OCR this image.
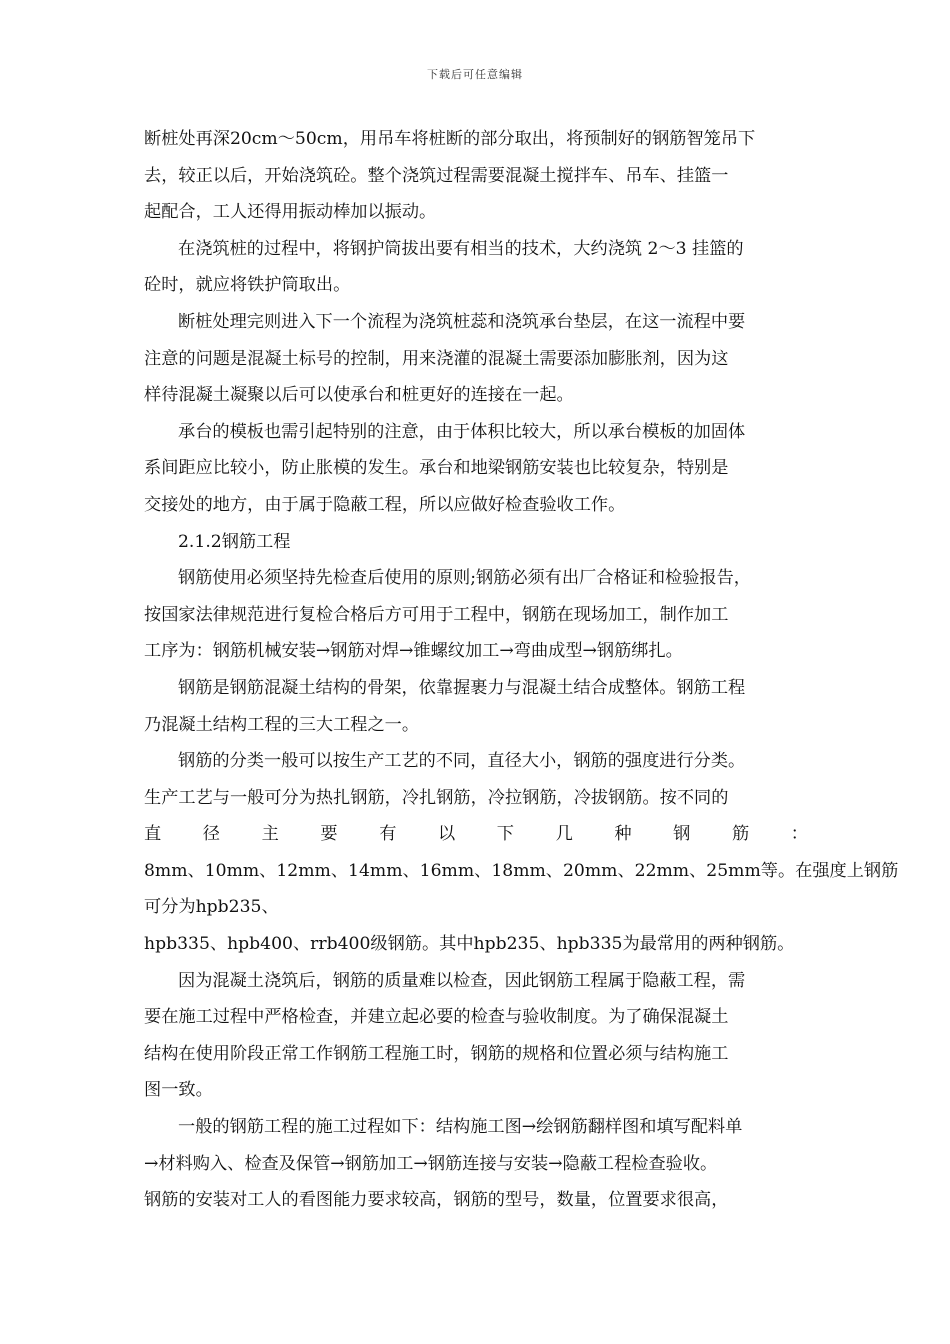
下载后可任意编辑
断桩处再深20cm～50cm，用吊车将桩断的部分取出，将预制好的钢筋智笼吊下
去，较正以后，开始浇筑砼。整个浇筑过程需要混凝土搅拌车、吊车、挂篮一
起配合，工人还得用振动棒加以振动。
在浇筑桩的过程中，将钢护筒拔出要有相当的技术，大约浇筑 2～3 挂篮的
砼时，就应将铁护筒取出。
断桩处理完则进入下一个流程为浇筑桩蕊和浇筑承台垫层，在这一流程中要
注意的问题是混凝土标号的控制，用来浇灌的混凝土需要添加膨胀剂，因为这
样待混凝土凝聚以后可以使承台和桩更好的连接在一起。
承台的模板也需引起特别的注意，由于体积比较大，所以承台模板的加固体
系间距应比较小，防止胀模的发生。承台和地梁钢筋安装也比较复杂，特别是
交接处的地方，由于属于隐蔽工程，所以应做好检查验收工作。
2.1.2钢筋工程
钢筋使用必须坚持先检查后使用的原则;钢筋必须有出厂合格证和检验报告，
按国家法律规范进行复检合格后方可用于工程中，钢筋在现场加工，制作加工
工序为：钢筋机械安装→钢筋对焊→锥螺纹加工→弯曲成型→钢筋绑扎。
钢筋是钢筋混凝土结构的骨架，依靠握裹力与混凝土结合成整体。钢筋工程
乃混凝土结构工程的三大工程之一。
钢筋的分类一般可以按生产工艺的不同，直径大小，钢筋的强度进行分类。
生产工艺与一般可分为热扎钢筋，冷扎钢筋，冷拉钢筋，冷拔钢筋。按不同的
直 径 主 要 有 以 下 几 种 钢 筋 ：
8mm、10mm、12mm、14mm、16mm、18mm、20mm、22mm、25mm等。在强度上钢筋
可分为hpb235、
hpb335、hpb400、rrb400级钢筋。其中hpb235、hpb335为最常用的两种钢筋。
因为混凝土浇筑后，钢筋的质量难以检查，因此钢筋工程属于隐蔽工程，需
要在施工过程中严格检查，并建立起必要的检查与验收制度。为了确保混凝土
结构在使用阶段正常工作钢筋工程施工时，钢筋的规格和位置必须与结构施工
图一致。
一般的钢筋工程的施工过程如下：结构施工图→绘钢筋翻样图和填写配料单
→材料购入、检查及保管→钢筋加工→钢筋连接与安装→隐蔽工程检查验收。
钢筋的安装对工人的看图能力要求较高，钢筋的型号，数量，位置要求很高，
